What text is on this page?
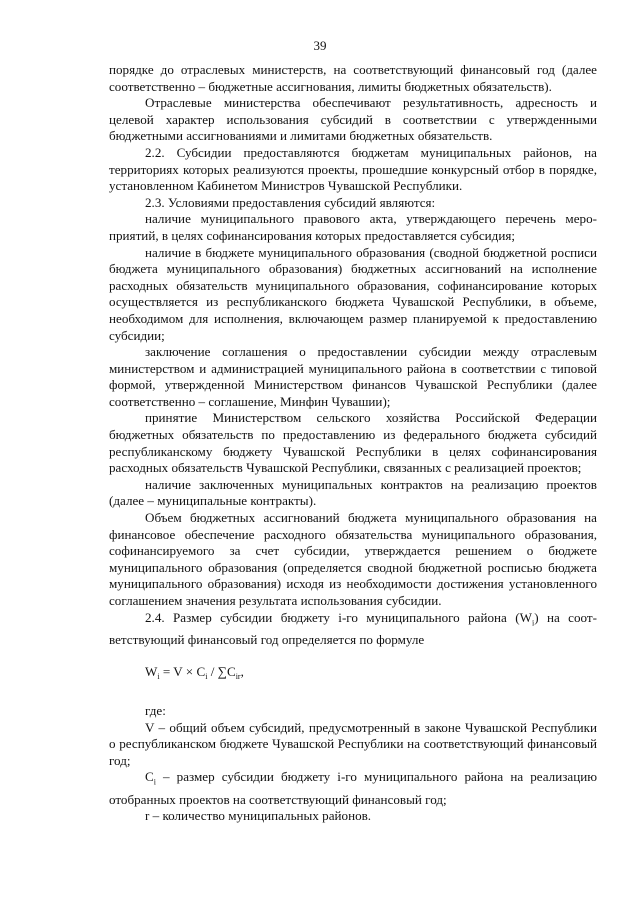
39

порядке до отраслевых министерств, на соответствующий финансовый год (далее соответственно – бюджетные ассигнования, лимиты бюджетных обязательств).

Отраслевые министерства обеспечивают результативность, адресность и целевой характер использования субсидий в соответствии с утвержденными бюджетными ассигнованиями и лимитами бюджетных обязательств.

2.2. Субсидии предоставляются бюджетам муниципальных районов, на территориях которых реализуются проекты, прошедшие конкурсный отбор в порядке, установленном Кабинетом Министров Чувашской Республики.

2.3. Условиями предоставления субсидий являются:

наличие муниципального правового акта, утверждающего перечень мероприятий, в целях софинансирования которых предоставляется субсидия;

наличие в бюджете муниципального образования (сводной бюджетной росписи бюджета муниципального образования) бюджетных ассигнований на исполнение расходных обязательств муниципального образования, софинансирование которых осуществляется из республиканского бюджета Чувашской Республики, в объеме, необходимом для исполнения, включающем размер планируемой к предоставлению субсидии;

заключение соглашения о предоставлении субсидии между отраслевым министерством и администрацией муниципального района в соответствии с типовой формой, утвержденной Министерством финансов Чувашской Республики (далее соответственно – соглашение, Минфин Чувашии);

принятие Министерством сельского хозяйства Российской Федерации бюджетных обязательств по предоставлению из федерального бюджета субсидий республиканскому бюджету Чувашской Республики в целях софинансирования расходных обязательств Чувашской Республики, связанных с реализацией проектов;

наличие заключенных муниципальных контрактов на реализацию проектов (далее – муниципальные контракты).

Объем бюджетных ассигнований бюджета муниципального образования на финансовое обеспечение расходного обязательства муниципального образования, софинансируемого за счет субсидии, утверждается решением о бюджете муниципального образования (определяется сводной бюджетной росписью бюджета муниципального образования) исходя из необходимости достижения установленного соглашением значения результата использования субсидии.

2.4. Размер субсидии бюджету i-го муниципального района $(W_i)$ на соответствующий финансовый год определяется по формуле

$W_i = V \times C_i / \sum C_{ir}$,

где:

V – общий объем субсидий, предусмотренный в законе Чувашской Республики о республиканском бюджете Чувашской Республики на соответствующий финансовый год;

$C_i$ – размер субсидии бюджету i-го муниципального района на реализацию отобранных проектов на соответствующий финансовый год;

r – количество муниципальных районов.
